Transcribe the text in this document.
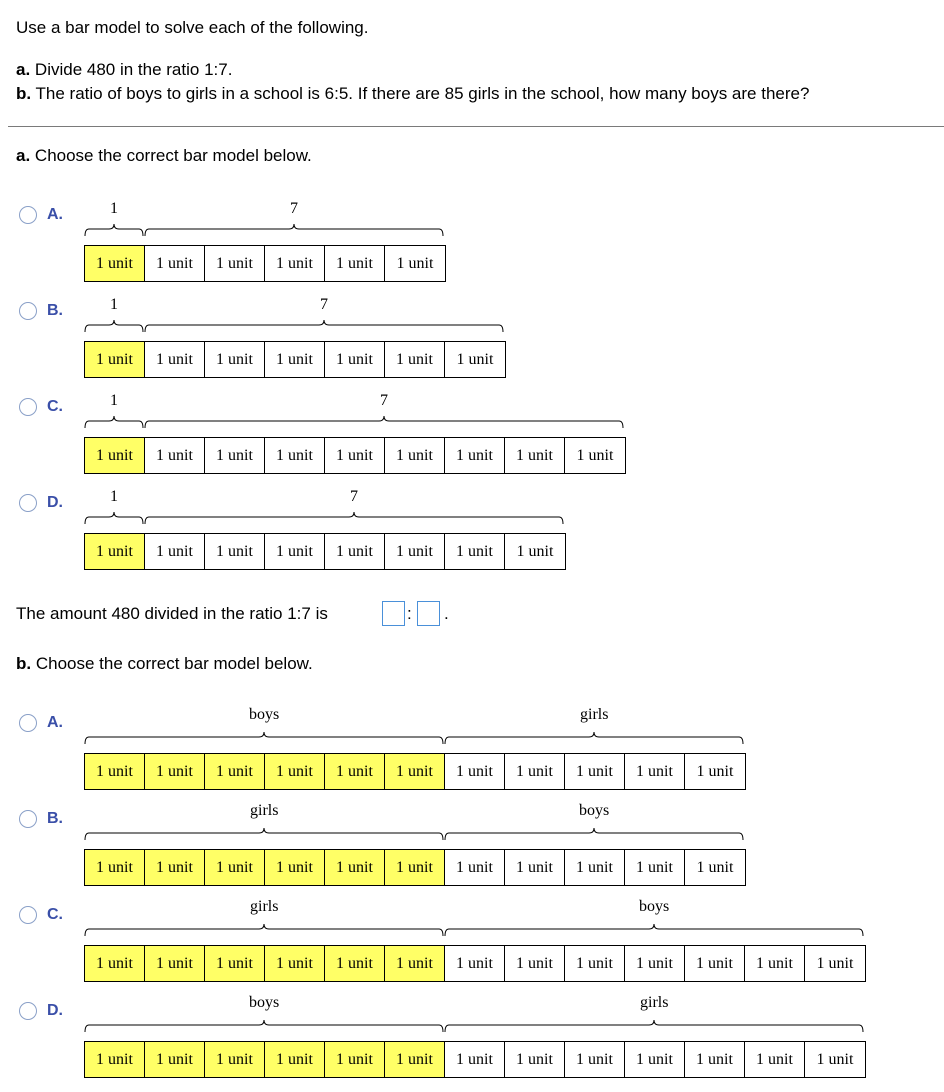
Use a bar model to solve each of the following.
a. Divide 480 in the ratio 1:7.
b. The ratio of boys to girls in a school is 6:5. If there are 85 girls in the school, how many boys are there?
a. Choose the correct bar model below.
A.
1 unit	1 unit	1 unit	1 unit	1 unit	1 unit
1	7
B.
1 unit	1 unit	1 unit	1 unit	1 unit	1 unit	1 unit
1	7
C.
1 unit	1 unit	1 unit	1 unit	1 unit	1 unit	1 unit	1 unit	1 unit
1	7
D.
1 unit	1 unit	1 unit	1 unit	1 unit	1 unit	1 unit	1 unit
1	7
The amount 480 divided in the ratio 1:7 is	: .
b. Choose the correct bar model below.
A.
1 unit	1 unit	1 unit	1 unit	1 unit	1 unit	1 unit	1 unit	1 unit	1 unit	1 unit
boys	girls
B.
1 unit	1 unit	1 unit	1 unit	1 unit	1 unit	1 unit	1 unit	1 unit	1 unit	1 unit
girls	boys
C.
1 unit	1 unit	1 unit	1 unit	1 unit	1 unit	1 unit	1 unit	1 unit	1 unit	1 unit	1 unit	1 unit
girls	boys
D.
1 unit	1 unit	1 unit	1 unit	1 unit	1 unit	1 unit	1 unit	1 unit	1 unit	1 unit	1 unit	1 unit
boys	girls
